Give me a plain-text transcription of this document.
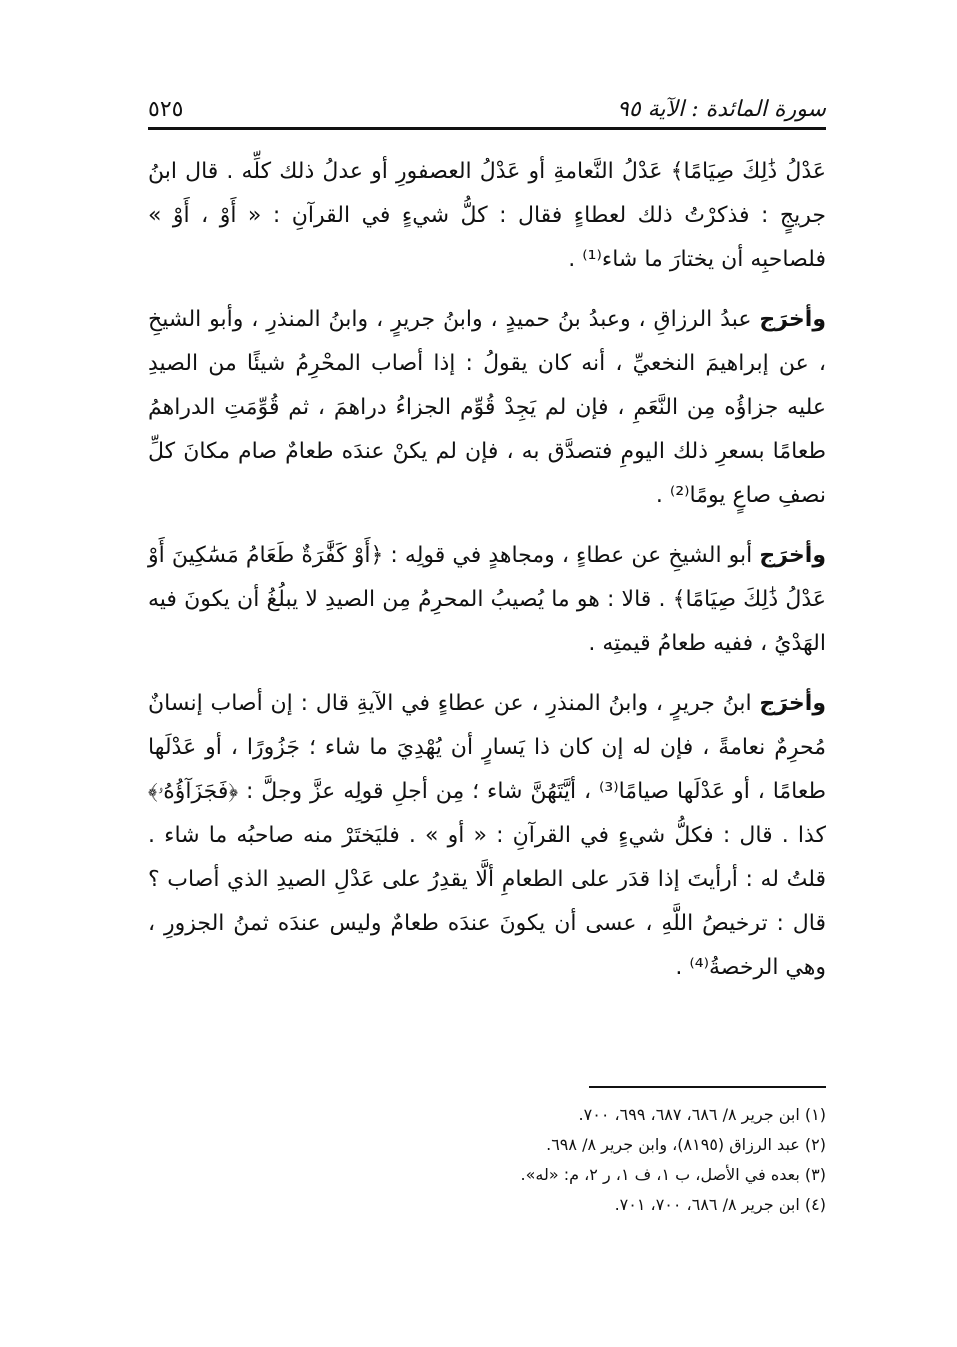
سورة المائدة : الآية ٩٥
٥٢٥

عَدْلُ ذَٰلِكَ صِيَامًا﴾ عَدْلُ النَّعامةِ أو عَدْلُ العصفورِ أو عدلُ ذلك كلِّه . قال ابنُ جريجٍ : فذكرْتُ ذلك لعطاءٍ فقال : كلُّ شيءٍ في القرآنِ : « أَوْ ، أَوْ » فلصاحبِه أن يختارَ ما شاء⁽¹⁾ .

وأخرَج عبدُ الرزاقِ ، وعبدُ بنُ حميدٍ ، وابنُ جريرٍ ، وابنُ المنذرِ ، وأبو الشيخِ ، عن إبراهيمَ النخعيِّ ، أنه كان يقولُ : إذا أصاب المحْرِمُ شيئًا من الصيدِ عليه جزاؤُه مِن النَّعَمِ ، فإن لم يَجِدْ قُوِّم الجزاءُ دراهمَ ، ثم قُوِّمَتِ الدراهمُ طعامًا بسعرِ ذلك اليومِ فتصدَّق به ، فإن لم يكنْ عندَه طعامٌ صام مكانَ كلِّ نصفِ صاعٍ يومًا⁽²⁾ .

وأخرَج أبو الشيخِ عن عطاءٍ ، ومجاهدٍ في قولِه : ﴿أَوْ كَفَّٰرَةٌ طَعَامُ مَسَٰكِينَ أَوْ عَدْلُ ذَٰلِكَ صِيَامًا﴾ . قالا : هو ما يُصيبُ المحرِمُ مِن الصيدِ لا يبلُغُ أن يكونَ فيه الهَدْيُ ، ففيه طعامُ قيمتِه .

وأخرَج ابنُ جريرٍ ، وابنُ المنذرِ ، عن عطاءٍ في الآيةِ قال : إن أصاب إنسانٌ مُحرِمٌ نعامةً ، فإن له إن كان ذا يَسارٍ أن يُهْدِيَ ما شاء ؛ جَزُورًا ، أو عَدْلَها طعامًا ، أو عَدْلَها صيامًا⁽³⁾ ، أيَّتَهُنَّ شاء ؛ مِن أجلِ قولِه عزَّ وجلَّ : ﴿فَجَزَآؤُهُۥ﴾ كذا . قال : فكلُّ شيءٍ في القرآنِ : « أو » . فليَختَرْ منه صاحبُه ما شاء . قلتُ له : أرأيتَ إذا قدَر على الطعامِ ألَّا يقدِرُ على عَدْلِ الصيدِ الذي أصاب ؟ قال : ترخيصُ اللَّهِ ، عسى أن يكونَ عندَه طعامٌ وليس عندَه ثمنُ الجزورِ ، وهي الرخصةُ⁽⁴⁾ .

(١) ابن جرير ٨/ ٦٨٦، ٦٨٧، ٦٩٩، ٧٠٠.
(٢) عبد الرزاق (٨١٩٥)، وابن جرير ٨/ ٦٩٨.
(٣) بعده في الأصل، ب ١، ف ١، ر ٢، م: «له».
(٤) ابن جرير ٨/ ٦٨٦، ٧٠٠، ٧٠١.
